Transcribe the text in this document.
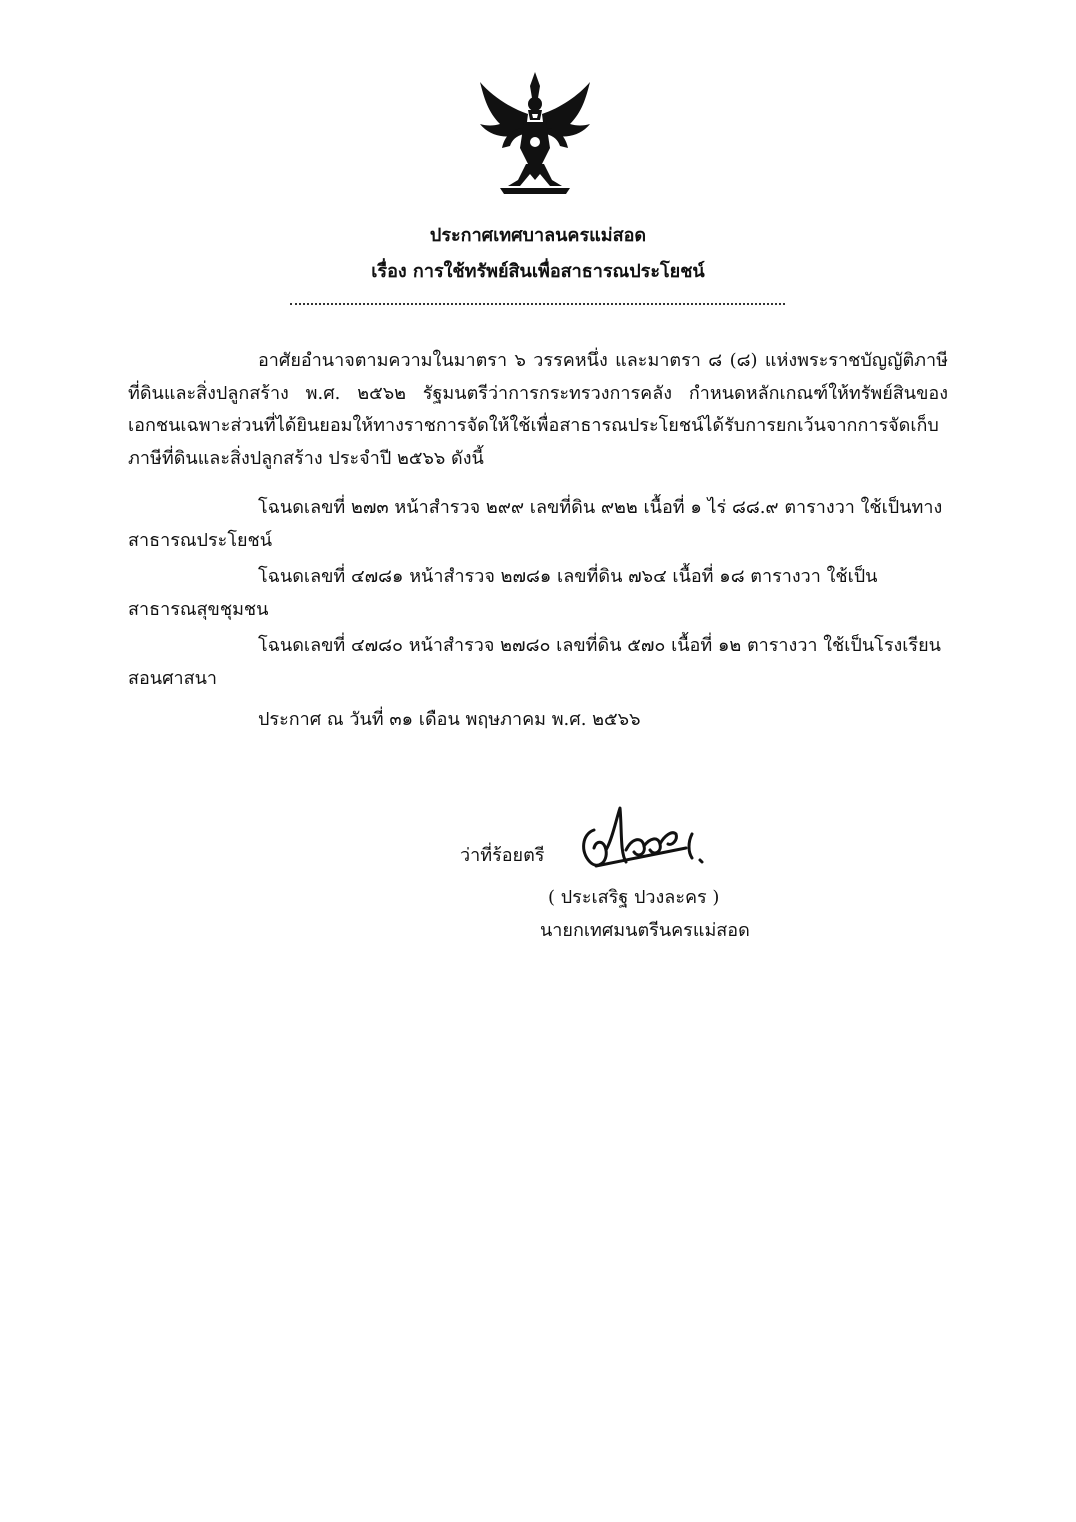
ประกาศเทศบาลนครแม่สอด
เรื่อง การใช้ทรัพย์สินเพื่อสาธารณประโยชน์
อาศัยอำนาจตามความในมาตรา ๖ วรรคหนึ่ง และมาตรา ๘ (๘) แห่งพระราชบัญญัติภาษีที่ดินและสิ่งปลูกสร้าง พ.ศ. ๒๕๖๒ รัฐมนตรีว่าการกระทรวงการคลัง กำหนดหลักเกณฑ์ให้ทรัพย์สินของเอกชนเฉพาะส่วนที่ได้ยินยอมให้ทางราชการจัดให้ใช้เพื่อสาธารณประโยชน์ได้รับการยกเว้นจากการจัดเก็บภาษีที่ดินและสิ่งปลูกสร้าง ประจำปี ๒๕๖๖ ดังนี้
โฉนดเลขที่ ๒๗๓ หน้าสำรวจ ๒๙๙ เลขที่ดิน ๙๒๒ เนื้อที่ ๑ ไร่ ๘๘.๙ ตารางวา ใช้เป็นทางสาธารณประโยชน์
โฉนดเลขที่ ๔๗๘๑ หน้าสำรวจ ๒๗๘๑ เลขที่ดิน ๗๖๔ เนื้อที่ ๑๘ ตารางวา ใช้เป็นสาธารณสุขชุมชน
โฉนดเลขที่ ๔๗๘๐ หน้าสำรวจ ๒๗๘๐ เลขที่ดิน ๕๗๐ เนื้อที่ ๑๒ ตารางวา ใช้เป็นโรงเรียนสอนศาสนา
ประกาศ ณ วันที่ ๓๑ เดือน พฤษภาคม พ.ศ. ๒๕๖๖
ว่าที่ร้อยตรี
( ประเสริฐ ปวงละคร )
นายกเทศมนตรีนครแม่สอด
